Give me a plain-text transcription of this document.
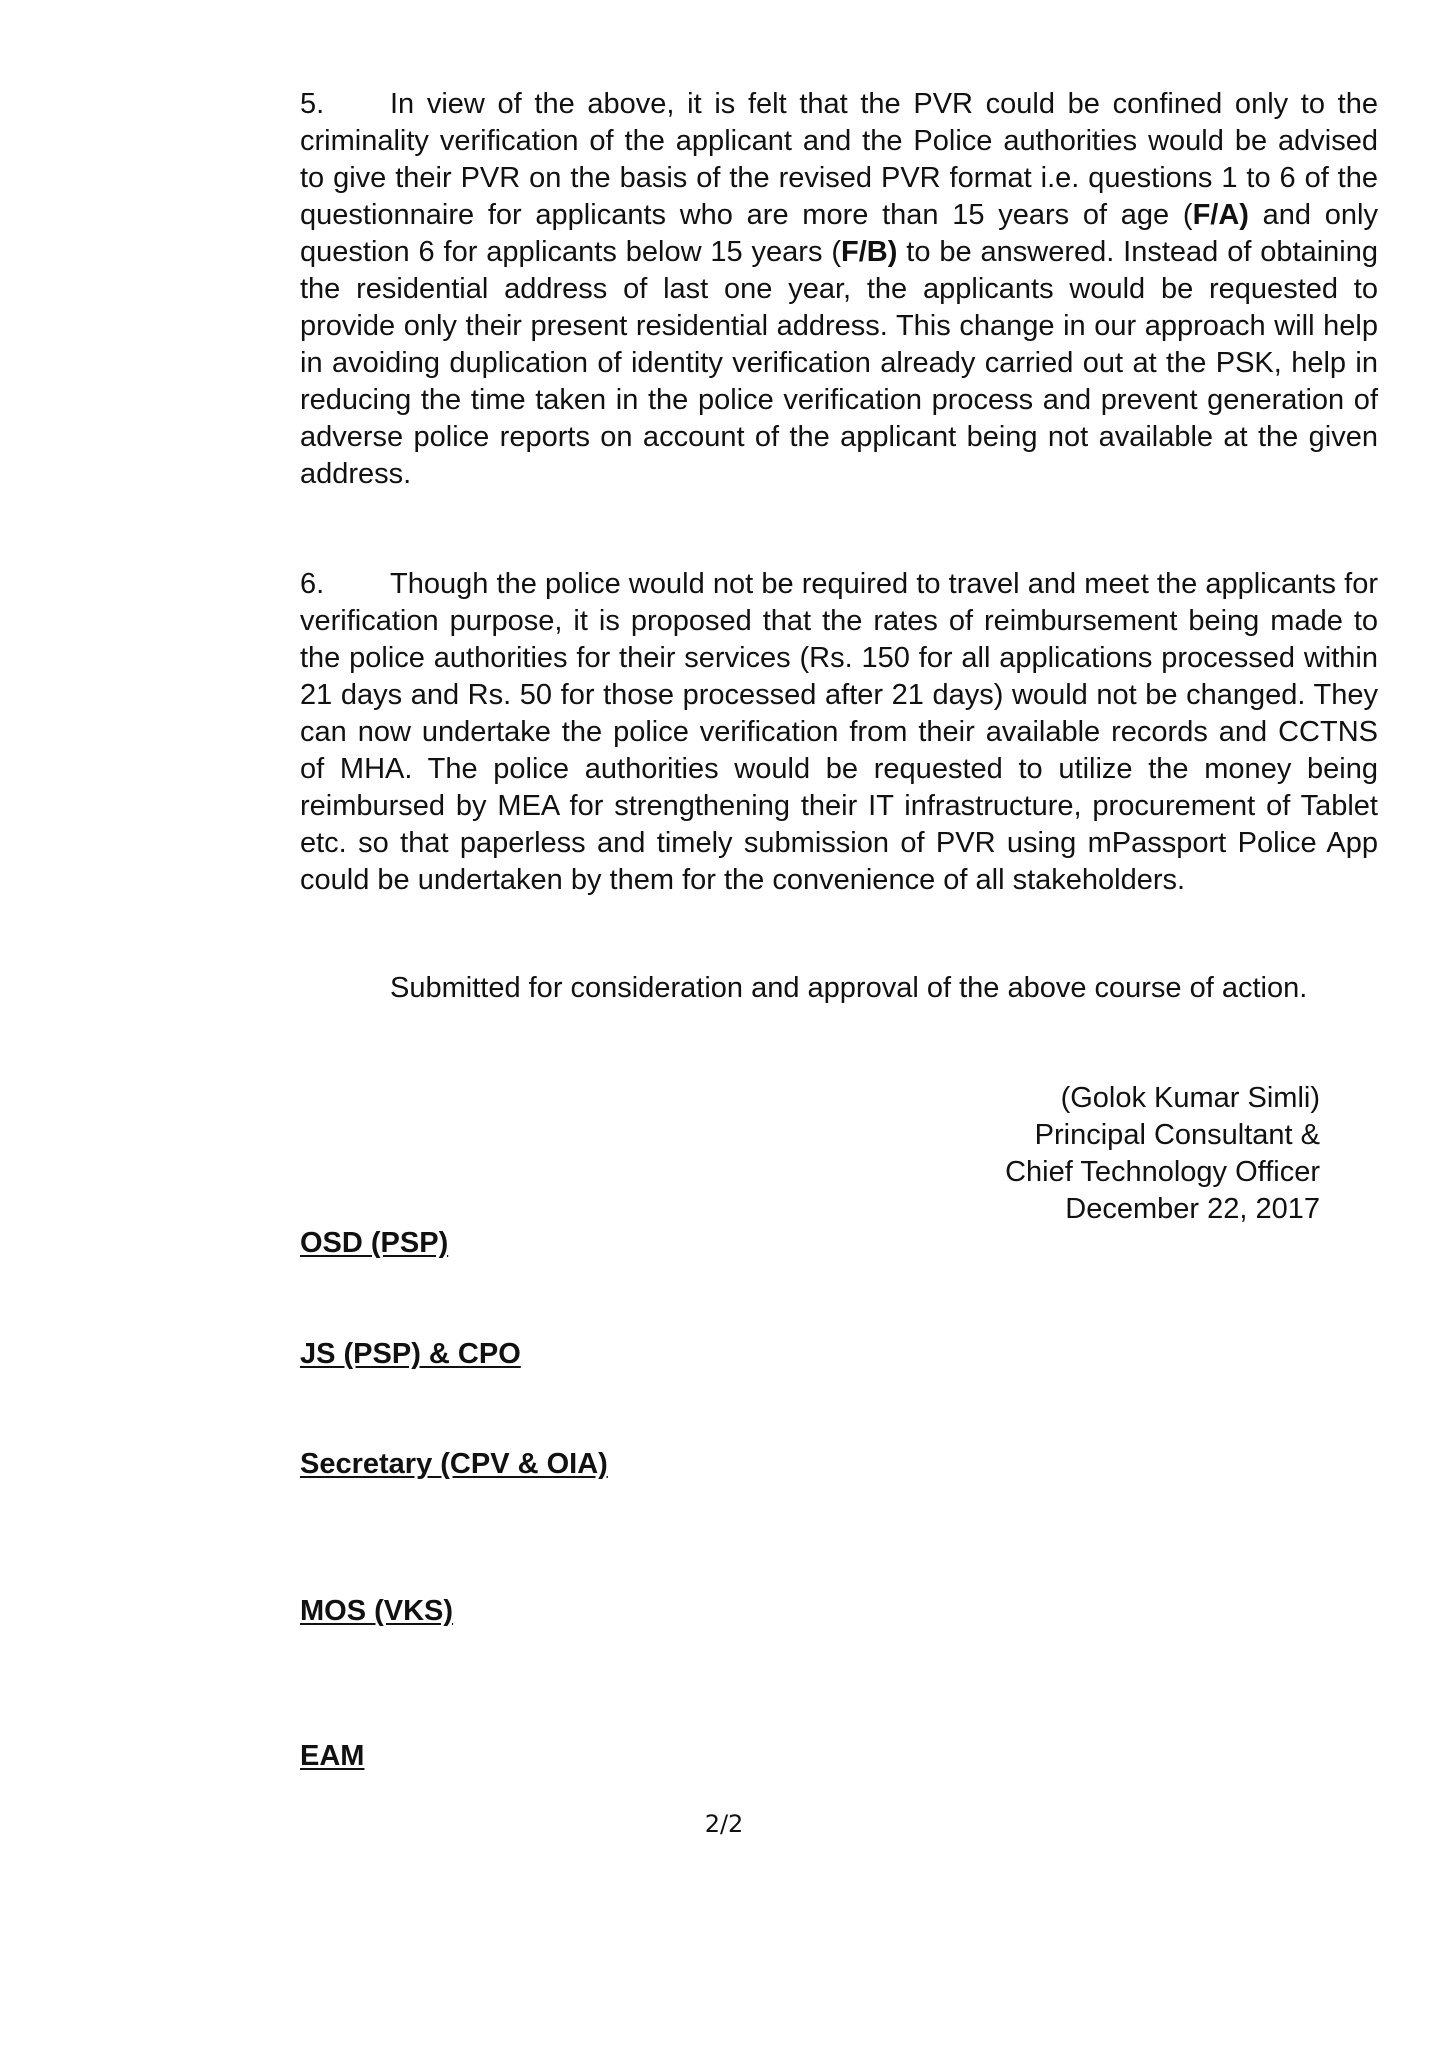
5. In view of the above, it is felt that the PVR could be confined only to the criminality verification of the applicant and the Police authorities would be advised to give their PVR on the basis of the revised PVR format i.e. questions 1 to 6 of the questionnaire for applicants who are more than 15 years of age (F/A) and only question 6 for applicants below 15 years (F/B) to be answered. Instead of obtaining the residential address of last one year, the applicants would be requested to provide only their present residential address. This change in our approach will help in avoiding duplication of identity verification already carried out at the PSK, help in reducing the time taken in the police verification process and prevent generation of adverse police reports on account of the applicant being not available at the given address.

6. Though the police would not be required to travel and meet the applicants for verification purpose, it is proposed that the rates of reimbursement being made to the police authorities for their services (Rs. 150 for all applications processed within 21 days and Rs. 50 for those processed after 21 days) would not be changed. They can now undertake the police verification from their available records and CCTNS of MHA. The police authorities would be requested to utilize the money being reimbursed by MEA for strengthening their IT infrastructure, procurement of Tablet etc. so that paperless and timely submission of PVR using mPassport Police App could be undertaken by them for the convenience of all stakeholders.

Submitted for consideration and approval of the above course of action.

(Golok Kumar Simli)
Principal Consultant &
Chief Technology Officer
December 22, 2017
OSD (PSP)
JS (PSP) & CPO
Secretary (CPV & OIA)
MOS (VKS)
EAM
2/2
